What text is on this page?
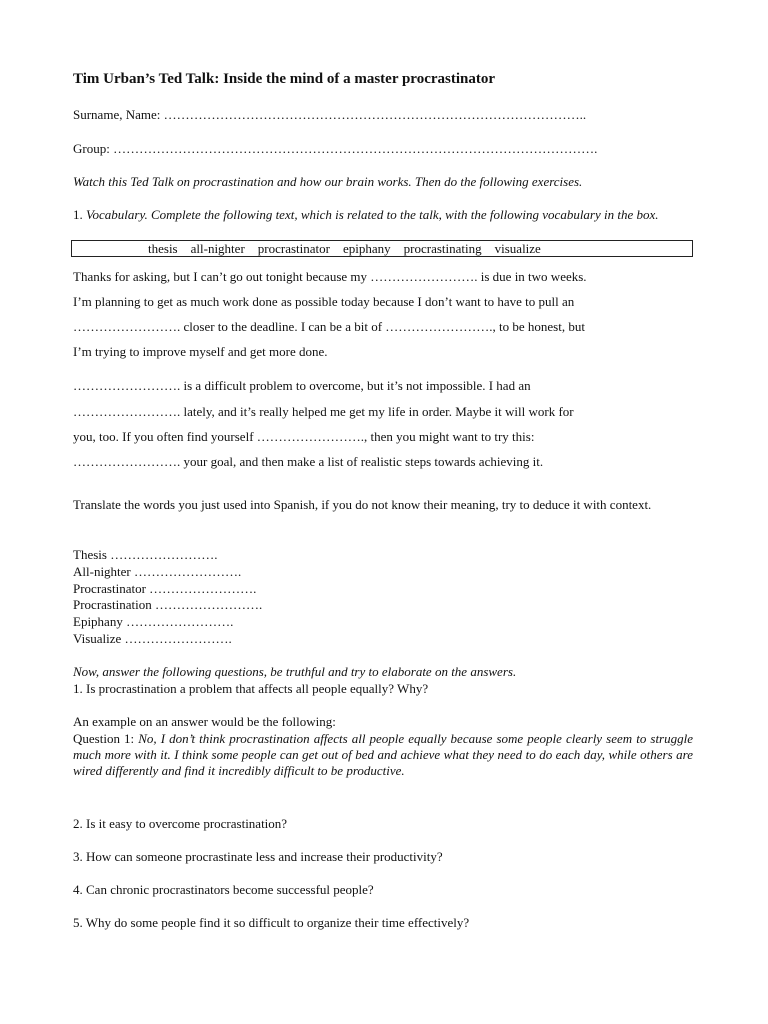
Tim Urban’s Ted Talk: Inside the mind of a master procrastinator
Surname, Name: ……………………………………………………………………………………..
Group: ………………………………………………………………………………………………….
Watch this Ted Talk on procrastination and how our brain works. Then do the following exercises.
1. Vocabulary. Complete the following text, which is related to the talk, with the following vocabulary in the box.
thesis all-nighter procrastinator epiphany procrastinating visualize
Thanks for asking, but I can’t go out tonight because my ……………………. is due in two weeks.
I’m planning to get as much work done as possible today because I don’t want to have to pull an
……………………. closer to the deadline. I can be a bit of ……………………., to be honest, but
I’m trying to improve myself and get more done.
……………………. is a difficult problem to overcome, but it’s not impossible. I had an
……………………. lately, and it’s really helped me get my life in order. Maybe it will work for
you, too. If you often find yourself ……………………., then you might want to try this:
……………………. your goal, and then make a list of realistic steps towards achieving it.
Translate the words you just used into Spanish, if you do not know their meaning, try to deduce it with context.
Thesis …………………….
All-nighter …………………….
Procrastinator …………………….
Procrastination …………………….
Epiphany …………………….
Visualize …………………….
Now, answer the following questions, be truthful and try to elaborate on the answers.
1. Is procrastination a problem that affects all people equally? Why?
An example on an answer would be the following:
Question 1: No, I don’t think procrastination affects all people equally because some people clearly seem to struggle much more with it. I think some people can get out of bed and achieve what they need to do each day, while others are wired differently and find it incredibly difficult to be productive.
2. Is it easy to overcome procrastination?
3. How can someone procrastinate less and increase their productivity?
4. Can chronic procrastinators become successful people?
5. Why do some people find it so difficult to organize their time effectively?
